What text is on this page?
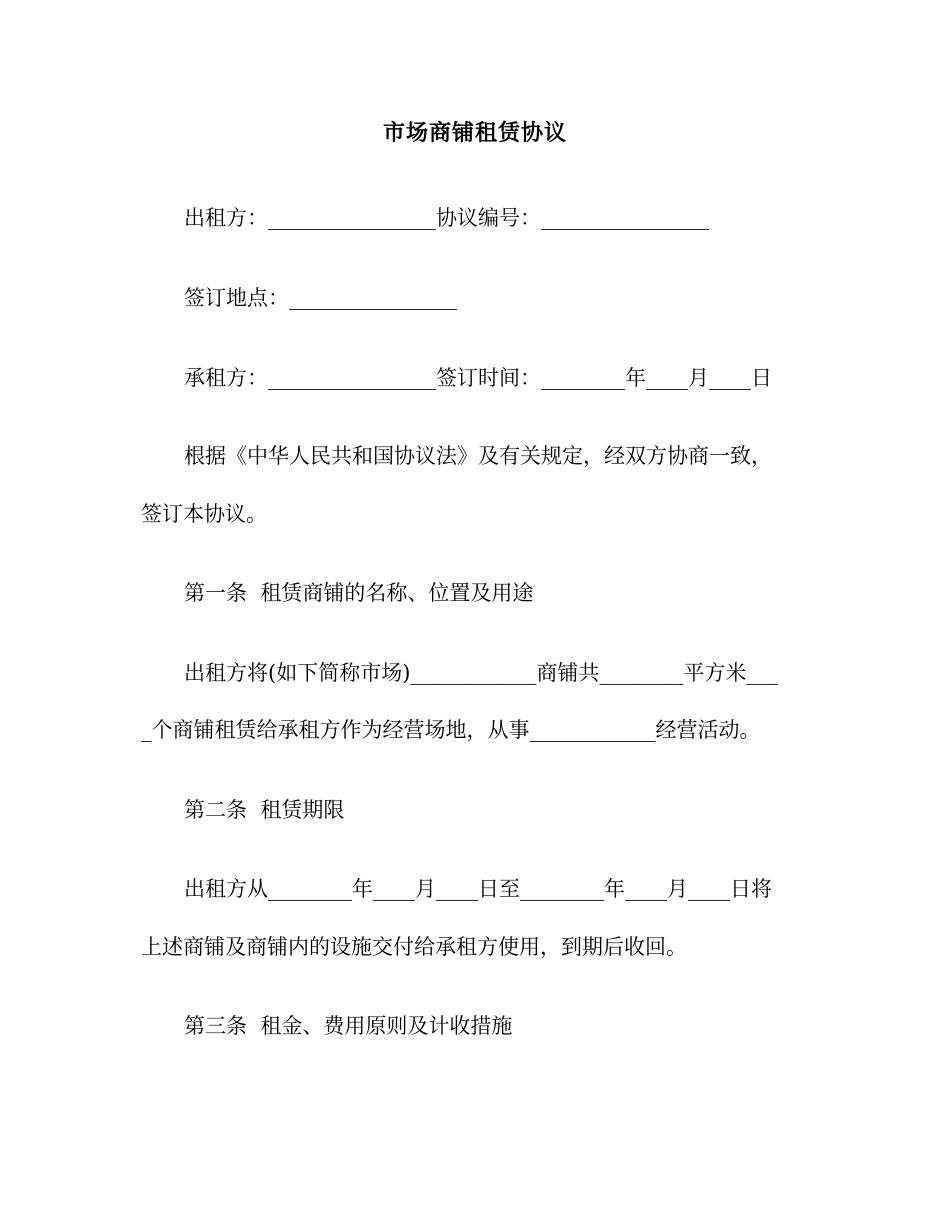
市场商铺租赁协议
出租方：________________协议编号：________________
签订地点：________________
承租方：________________签订时间：________年____月____日
根据《中华人民共和国协议法》及有关规定，经双方协商一致，
签订本协议。
第一条  租赁商铺的名称、位置及用途
出租方将(如下简称市场)____________商铺共________平方米___
_个商铺租赁给承租方作为经营场地，从事____________经营活动。
第二条  租赁期限
出租方从________年____月____日至________年____月____日将
上述商铺及商铺内的设施交付给承租方使用，到期后收回。
第三条  租金、费用原则及计收措施
